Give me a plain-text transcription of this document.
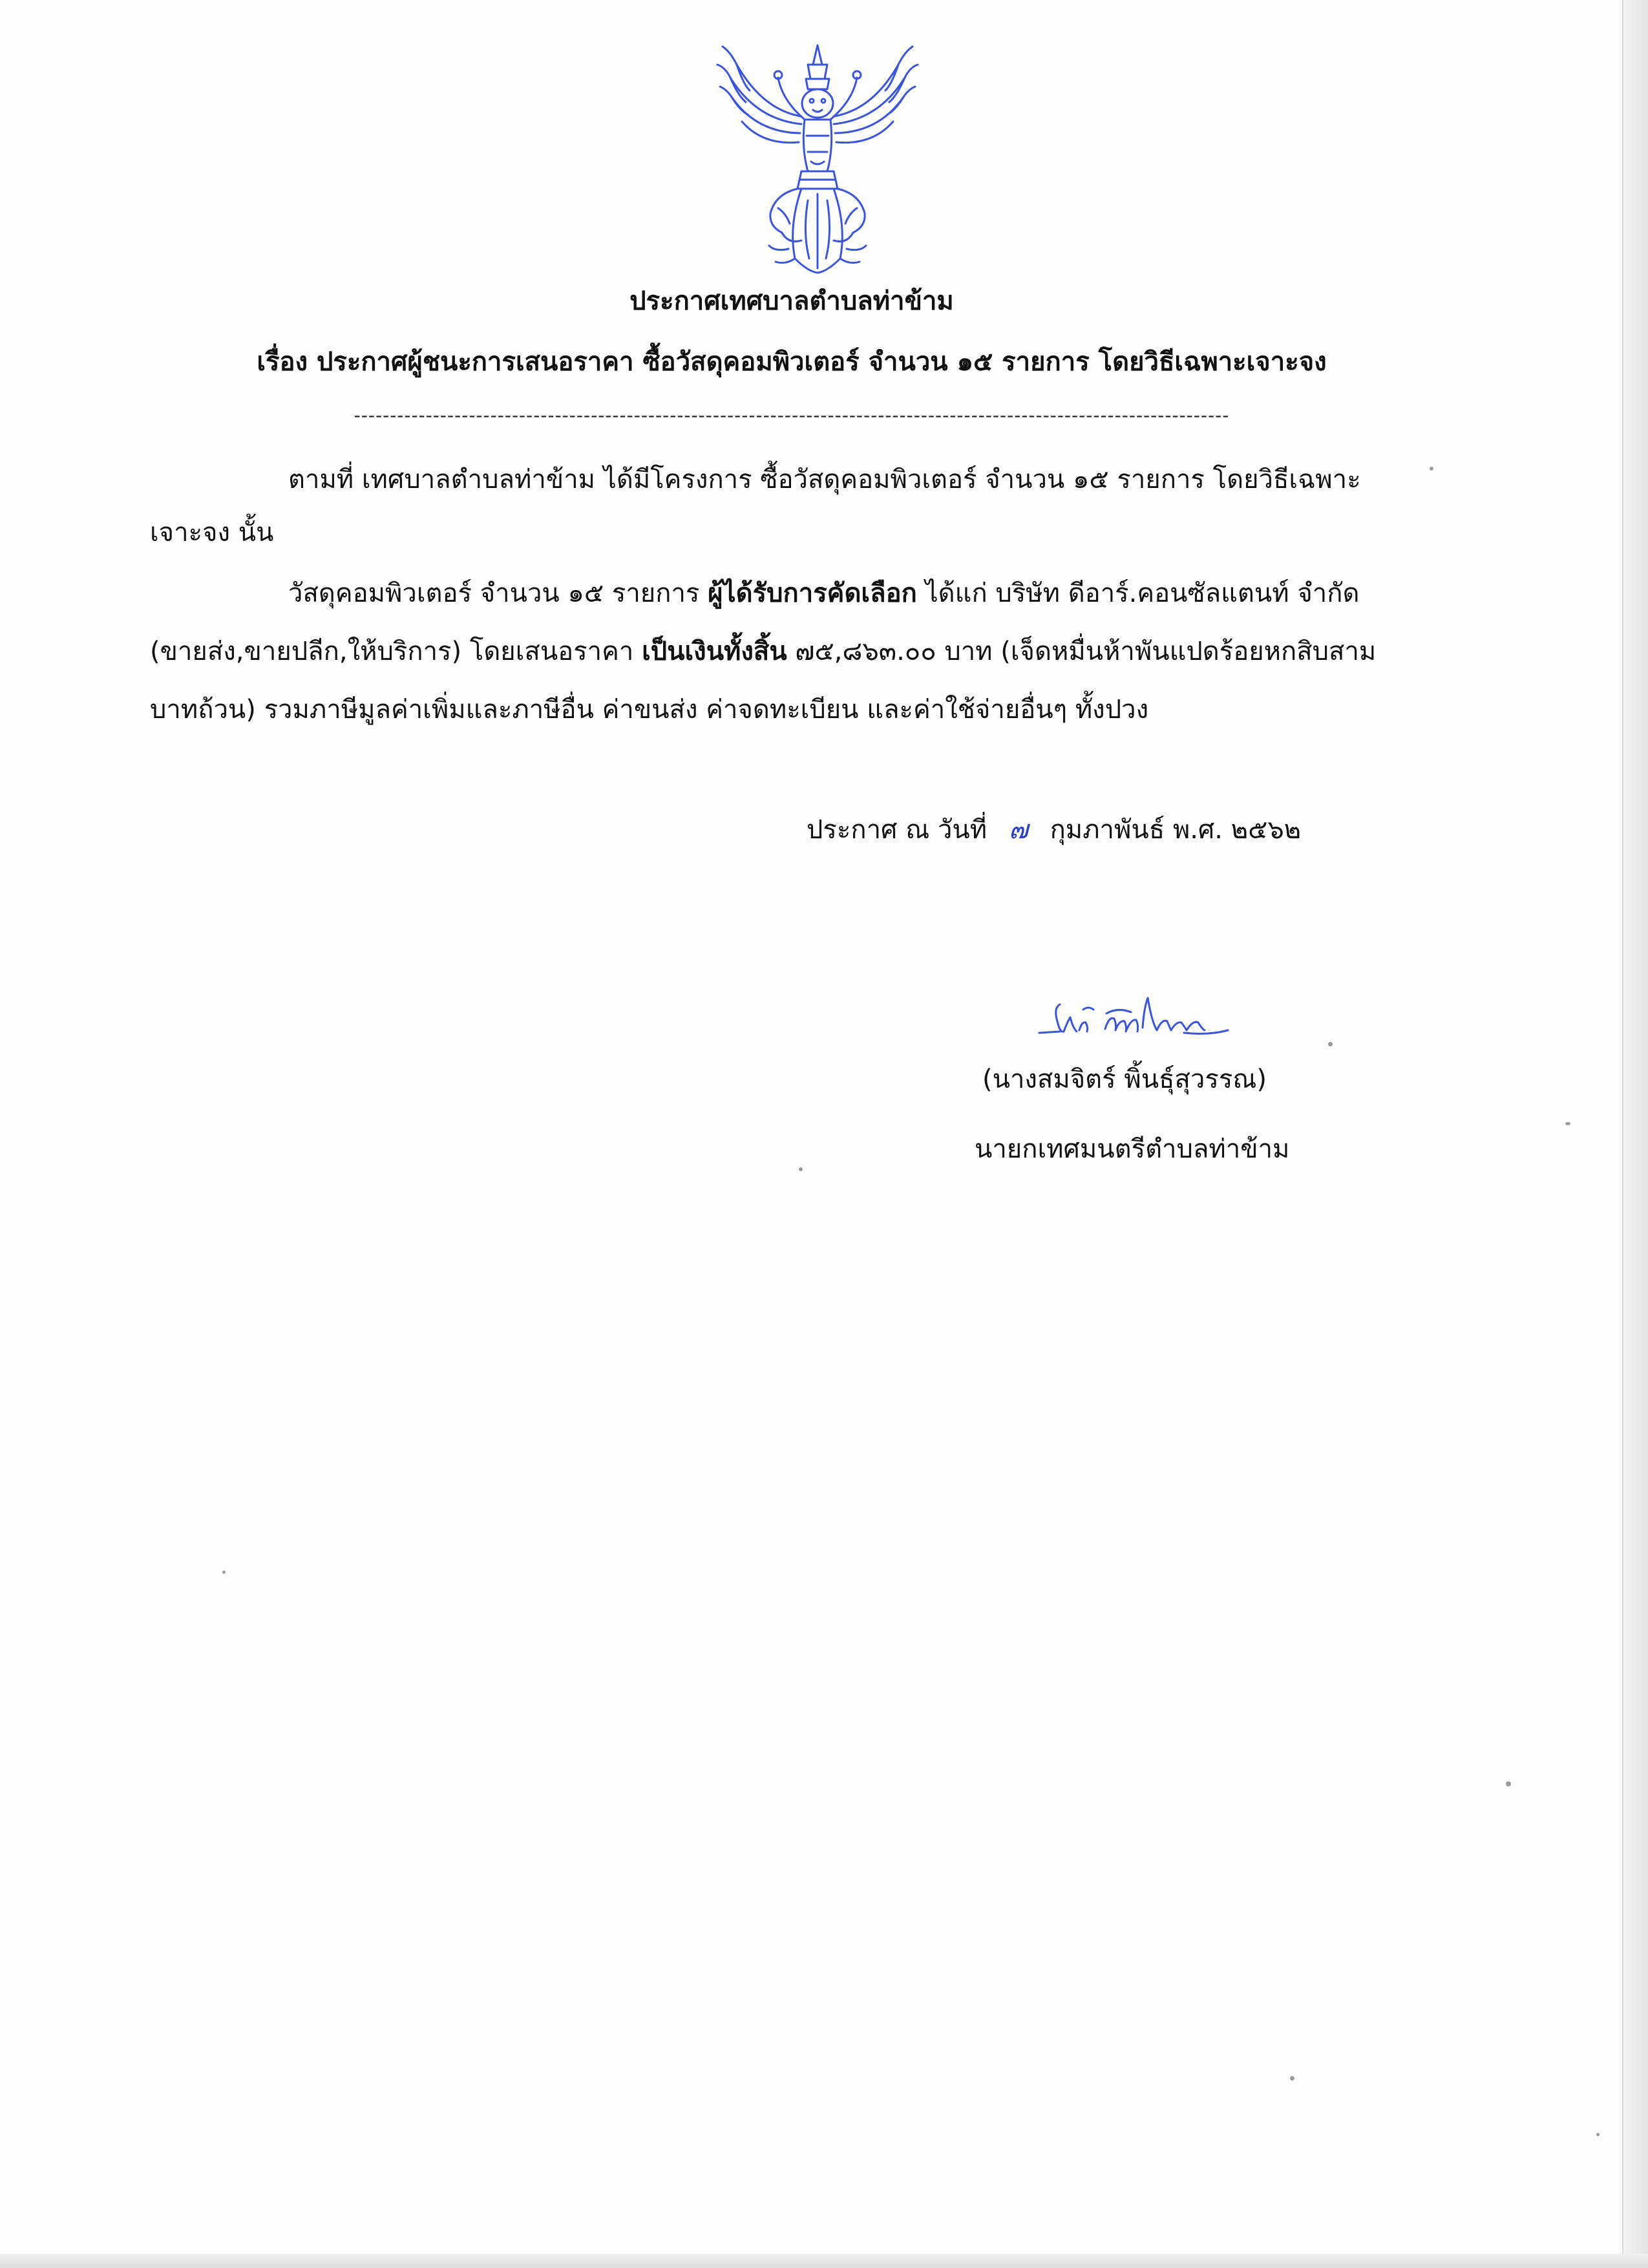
ประกาศเทศบาลตำบลท่าข้าม
เรื่อง ประกาศผู้ชนะการเสนอราคา ซื้อวัสดุคอมพิวเตอร์ จำนวน ๑๕ รายการ โดยวิธีเฉพาะเจาะจง
--------------------------------------------------------------------------------------------------------------------------
ตามที่ เทศบาลตำบลท่าข้าม ได้มีโครงการ ซื้อวัสดุคอมพิวเตอร์ จำนวน ๑๕ รายการ โดยวิธีเฉพาะ
เจาะจง นั้น
วัสดุคอมพิวเตอร์ จำนวน ๑๕ รายการ ผู้ได้รับการคัดเลือก ได้แก่ บริษัท ดีอาร์.คอนซัลแตนท์ จำกัด
(ขายส่ง,ขายปลีก,ให้บริการ) โดยเสนอราคา เป็นเงินทั้งสิ้น ๗๕,๘๖๓.๐๐ บาท (เจ็ดหมื่นห้าพันแปดร้อยหกสิบสาม
บาทถ้วน) รวมภาษีมูลค่าเพิ่มและภาษีอื่น ค่าขนส่ง ค่าจดทะเบียน และค่าใช้จ่ายอื่นๆ ทั้งปวง
ประกาศ ณ วันที่ ๗ กุมภาพันธ์ พ.ศ. ๒๕๖๒
(นางสมจิตร์ พิ้นธุ์สุวรรณ)
นายกเทศมนตรีตำบลท่าข้าม
